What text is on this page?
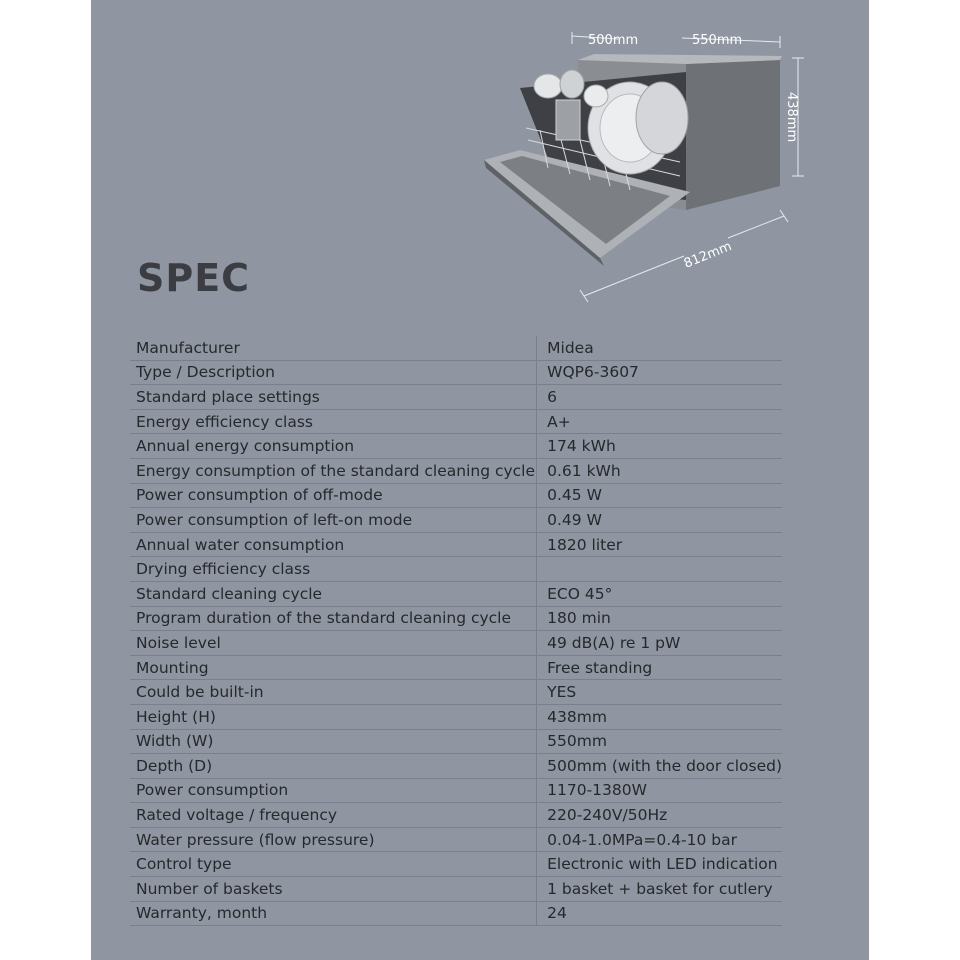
500mm	550mm
438mm
812mm
SPEC
Manufacturer	Midea
Type / Description	WQP6-3607
Standard place settings	6
Energy efficiency class	A+
Annual energy consumption	174 kWh
Energy consumption of the standard cleaning cycle	0.61 kWh
Power consumption of off-mode	0.45 W
Power consumption of left-on mode	0.49 W
Annual water consumption	1820 liter
Drying efficiency class	
Standard cleaning cycle	ECO 45°
Program duration of the standard cleaning cycle	180 min
Noise level	49 dB(A) re 1 pW
Mounting	Free standing
Could be built-in	YES
Height (H)	438mm
Width (W)	550mm
Depth (D)	500mm (with the door closed)
Power consumption	1170-1380W
Rated voltage / frequency	220-240V/50Hz
Water pressure (flow pressure)	0.04-1.0MPa=0.4-10 bar
Control type	Electronic with LED indication
Number of baskets	1 basket + basket for cutlery
Warranty, month	24
